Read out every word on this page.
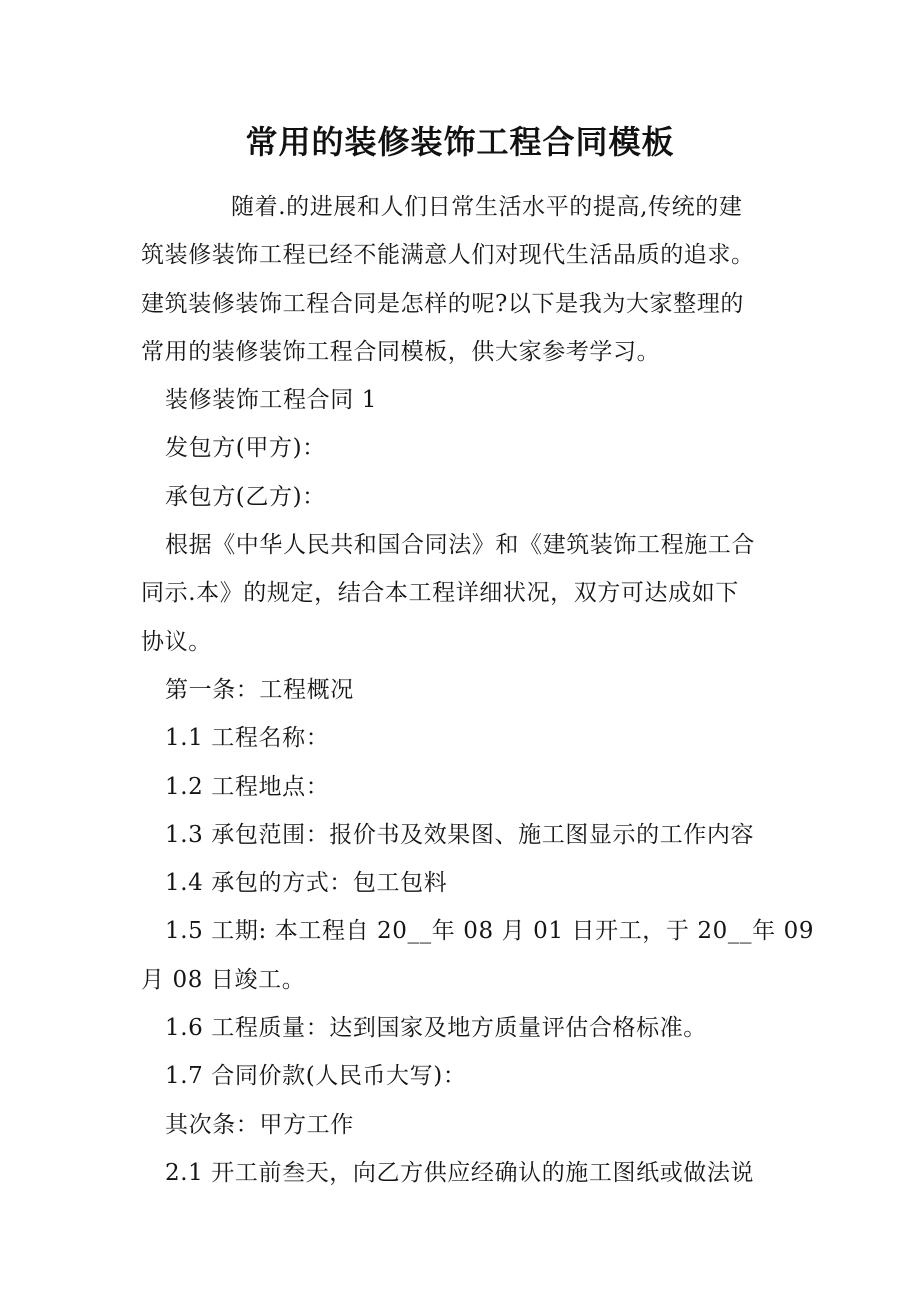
常用的装修装饰工程合同模板

随着.的进展和人们日常生活水平的提高,传统的建

筑装修装饰工程已经不能满意人们对现代生活品质的追求。

建筑装修装饰工程合同是怎样的呢?以下是我为大家整理的

常用的装修装饰工程合同模板，供大家参考学习。

装修装饰工程合同 1

发包方(甲方)：

承包方(乙方)：

根据《中华人民共和国合同法》和《建筑装饰工程施工合

同示.本》的规定，结合本工程详细状况，双方可达成如下

协议。

第一条：工程概况

1.1 工程名称：

1.2 工程地点：

1.3 承包范围：报价书及效果图、施工图显示的工作内容

1.4 承包的方式：包工包料

1.5 工期: 本工程自 20__年 08 月 01 日开工，于 20__年 09

月 08 日竣工。

1.6 工程质量：达到国家及地方质量评估合格标准。

1.7 合同价款(人民币大写)：

其次条：甲方工作

2.1 开工前叁天，向乙方供应经确认的施工图纸或做法说
